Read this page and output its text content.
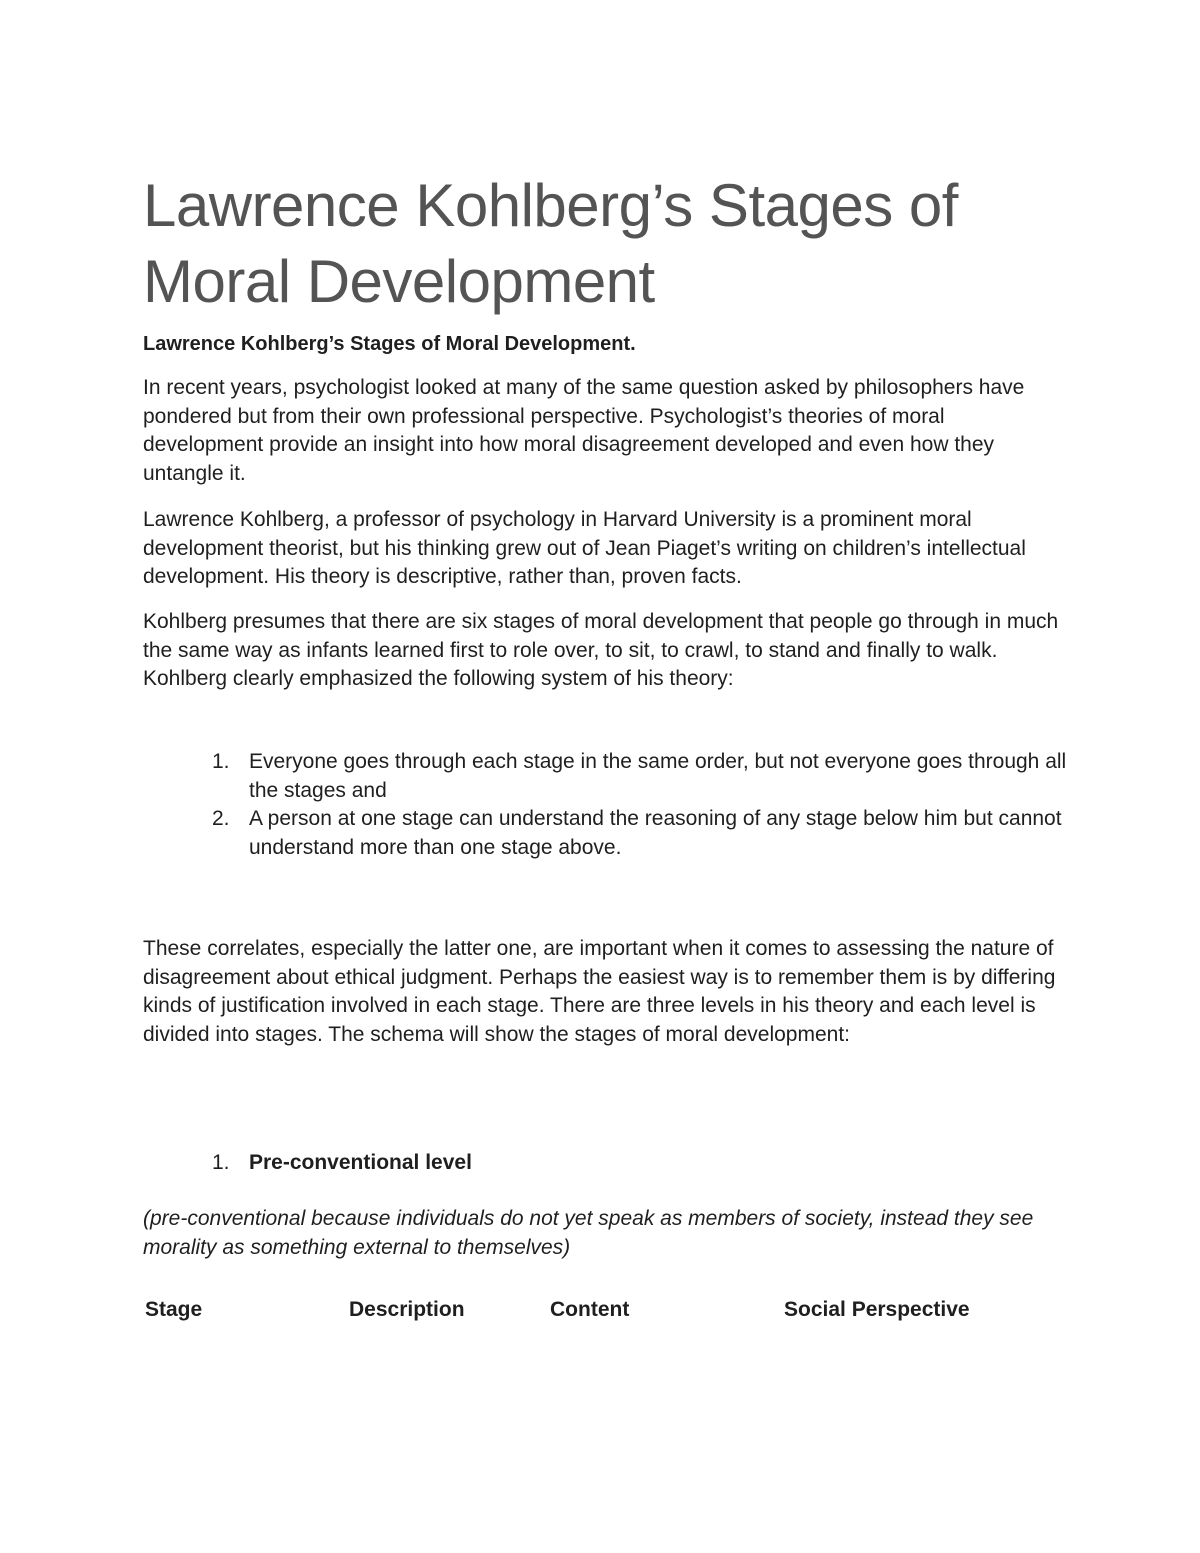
Lawrence Kohlberg’s Stages of Moral Development

Lawrence Kohlberg’s Stages of Moral Development.

In recent years, psychologist looked at many of the same question asked by philosophers have pondered but from their own professional perspective. Psychologist’s theories of moral development provide an insight into how moral disagreement developed and even how they untangle it.

Lawrence Kohlberg, a professor of psychology in Harvard University is a prominent moral development theorist, but his thinking grew out of Jean Piaget’s writing on children’s intellectual development. His theory is descriptive, rather than, proven facts.

Kohlberg presumes that there are six stages of moral development that people go through in much the same way as infants learned first to role over, to sit, to crawl, to stand and finally to walk. Kohlberg clearly emphasized the following system of his theory:

1. Everyone goes through each stage in the same order, but not everyone goes through all the stages and
2. A person at one stage can understand the reasoning of any stage below him but cannot understand more than one stage above.

These correlates, especially the latter one, are important when it comes to assessing the nature of disagreement about ethical judgment. Perhaps the easiest way is to remember them is by differing kinds of justification involved in each stage. There are three levels in his theory and each level is divided into stages. The schema will show the stages of moral development:

1. Pre-conventional level

(pre-conventional because individuals do not yet speak as members of society, instead they see morality as something external to themselves)

Stage	Description	Content	Social Perspective
